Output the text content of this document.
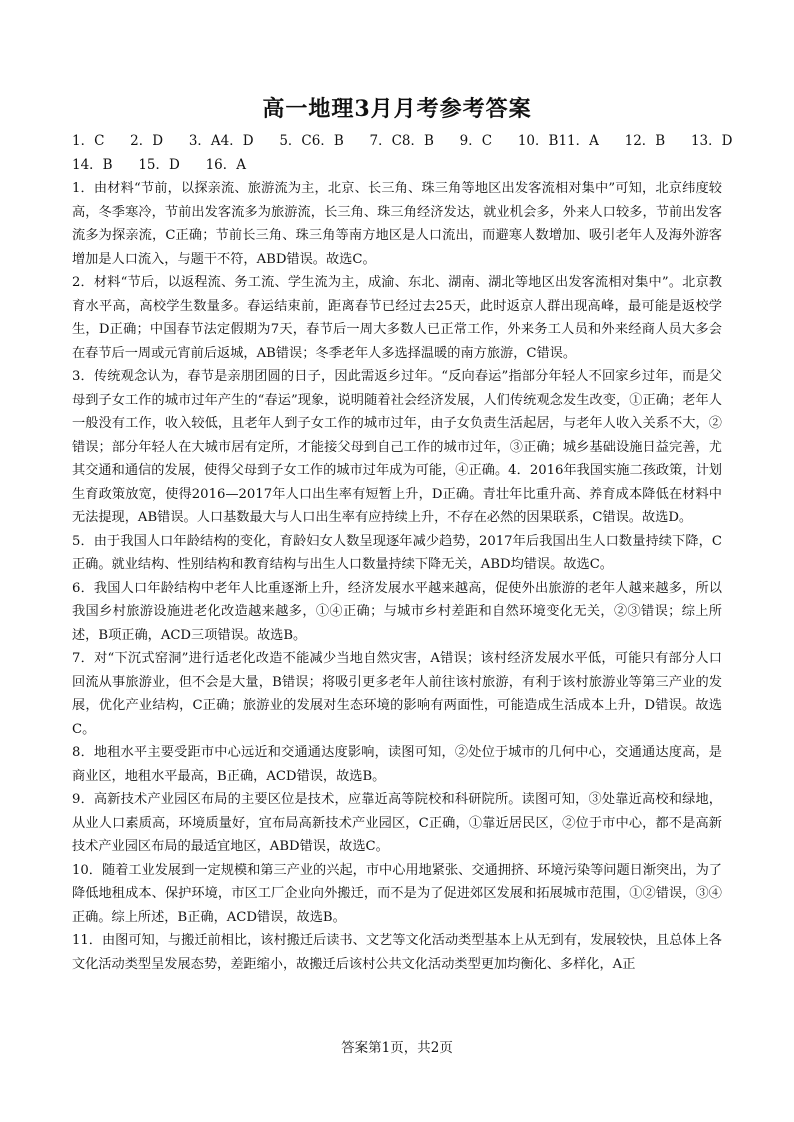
高一地理3月月考参考答案
1．C      2．D      3．A4．D      5．C6．B      7．C8．B      9．C      10．B11．A      12．B      13．D
14．B      15．D      16．A

1．由材料“节前，以探亲流、旅游流为主，北京、长三角、珠三角等地区出发客流相对集中”可知，北京纬度较高，冬季寒冷，节前出发客流多为旅游流，长三角、珠三角经济发达，就业机会多，外来人口较多，节前出发客流多为探亲流，C正确；节前长三角、珠三角等南方地区是人口流出，而避寒人数增加、吸引老年人及海外游客增加是人口流入，与题干不符，ABD错误。故选C。

2．材料“节后，以返程流、务工流、学生流为主，成渝、东北、湖南、湖北等地区出发客流相对集中”。北京教育水平高，高校学生数量多。春运结束前，距离春节已经过去25天，此时返京人群出现高峰，最可能是返校学生，D正确；中国春节法定假期为7天，春节后一周大多数人已正常工作，外来务工人员和外来经商人员大多会在春节后一周或元宵前后返城，AB错误；冬季老年人多选择温暖的南方旅游，C错误。

3．传统观念认为，春节是亲朋团圆的日子，因此需返乡过年。“反向春运”指部分年轻人不回家乡过年，而是父母到子女工作的城市过年产生的“春运”现象，说明随着社会经济发展，人们传统观念发生改变，①正确；老年人一般没有工作，收入较低，且老年人到子女工作的城市过年，由子女负责生活起居，与老年人收入关系不大，②错误；部分年轻人在大城市居有定所，才能接父母到自己工作的城市过年，③正确；城乡基础设施日益完善，尤其交通和通信的发展，使得父母到子女工作的城市过年成为可能，④正确。4．2016年我国实施二孩政策，计划生育政策放宽，使得2016—2017年人口出生率有短暂上升，D正确。青壮年比重升高、养育成本降低在材料中无法提现，AB错误。人口基数最大与人口出生率有应持续上升，不存在必然的因果联系，C错误。故选D。

5．由于我国人口年龄结构的变化，育龄妇女人数呈现逐年减少趋势，2017年后我国出生人口数量持续下降，C正确。就业结构、性别结构和教育结构与出生人口数量持续下降无关，ABD均错误。故选C。

6．我国人口年龄结构中老年人比重逐渐上升，经济发展水平越来越高，促使外出旅游的老年人越来越多，所以我国乡村旅游设施进老化改造越来越多，①④正确；与城市乡村差距和自然环境变化无关，②③错误；综上所述，B项正确，ACD三项错误。故选B。

7．对“下沉式窑洞”进行适老化改造不能减少当地自然灾害，A错误；该村经济发展水平低，可能只有部分人口回流从事旅游业，但不会是大量，B错误；将吸引更多老年人前往该村旅游，有利于该村旅游业等第三产业的发展，优化产业结构，C正确；旅游业的发展对生态环境的影响有两面性，可能造成生活成本上升，D错误。故选C。

8．地租水平主要受距市中心远近和交通通达度影响，读图可知，②处位于城市的几何中心，交通通达度高，是商业区，地租水平最高，B正确，ACD错误，故选B。

9．高新技术产业园区布局的主要区位是技术，应靠近高等院校和科研院所。读图可知，③处靠近高校和绿地，从业人口素质高，环境质量好，宜布局高新技术产业园区，C正确，①靠近居民区，②位于市中心，都不是高新技术产业园区布局的最适宜地区，ABD错误，故选C。

10．随着工业发展到一定规模和第三产业的兴起，市中心用地紧张、交通拥挤、环境污染等问题日渐突出，为了降低地租成本、保护环境，市区工厂企业向外搬迁，而不是为了促进郊区发展和拓展城市范围，①②错误，③④正确。综上所述，B正确，ACD错误，故选B。

11．由图可知，与搬迁前相比，该村搬迁后读书、文艺等文化活动类型基本上从无到有，发展较快，且总体上各文化活动类型呈发展态势，差距缩小，故搬迁后该村公共文化活动类型更加均衡化、多样化，A正

答案第1页，共2页
